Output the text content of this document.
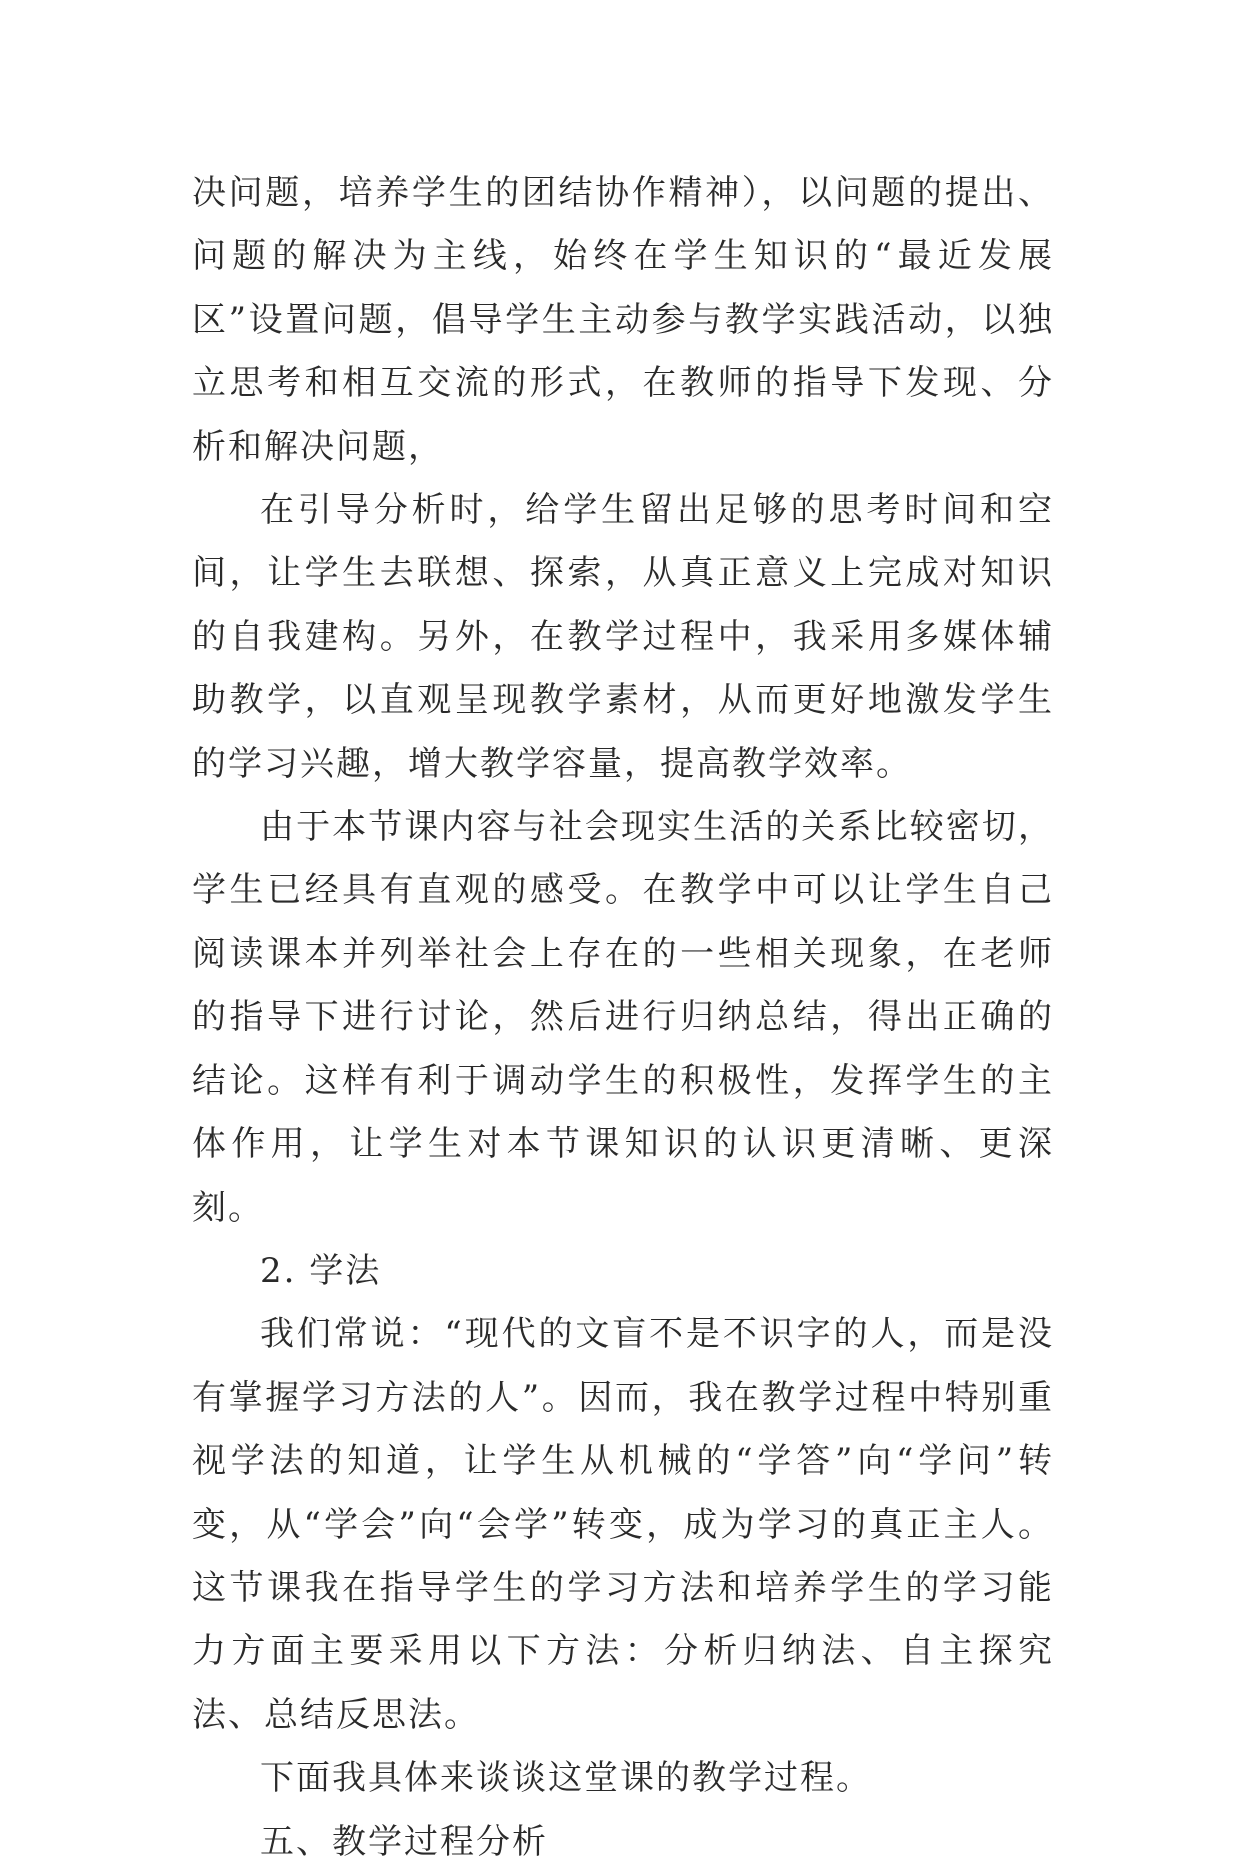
决问题，培养学生的团结协作精神），以问题的提出、问题的解决为主线，始终在学生知识的“最近发展区”设置问题，倡导学生主动参与教学实践活动，以独立思考和相互交流的形式，在教师的指导下发现、分析和解决问题，

在引导分析时，给学生留出足够的思考时间和空间，让学生去联想、探索，从真正意义上完成对知识的自我建构。另外，在教学过程中，我采用多媒体辅助教学，以直观呈现教学素材，从而更好地激发学生的学习兴趣，增大教学容量，提高教学效率。

由于本节课内容与社会现实生活的关系比较密切，学生已经具有直观的感受。在教学中可以让学生自己阅读课本并列举社会上存在的一些相关现象，在老师的指导下进行讨论，然后进行归纳总结，得出正确的结论。这样有利于调动学生的积极性，发挥学生的主体作用，让学生对本节课知识的认识更清晰、更深刻。

2. 学法

我们常说：“现代的文盲不是不识字的人，而是没有掌握学习方法的人”。因而，我在教学过程中特别重视学法的知道，让学生从机械的“学答”向“学问”转变，从“学会”向“会学”转变，成为学习的真正主人。这节课我在指导学生的学习方法和培养学生的学习能力方面主要采用以下方法：分析归纳法、自主探究法、总结反思法。

下面我具体来谈谈这堂课的教学过程。

五、教学过程分析
